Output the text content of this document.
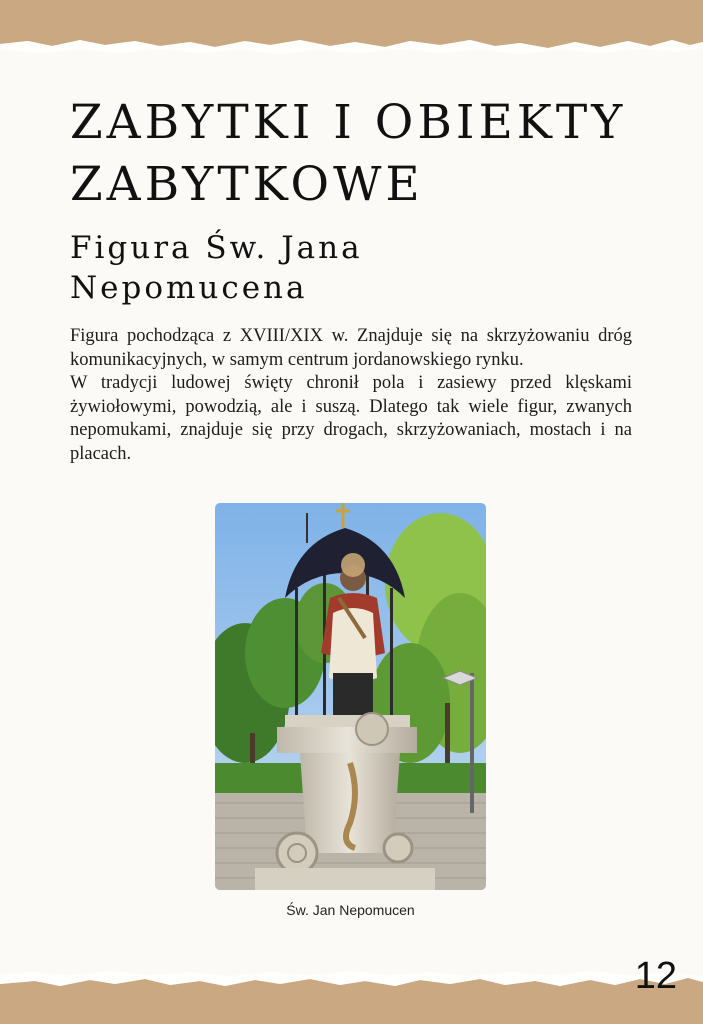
ZABYTKI I OBIEKTY
ZABYTKOWE
Figura Św. Jana
Nepomucena

Figura pochodząca z XVIII/XIX w. Znajduje się na skrzyżowaniu dróg komunikacyjnych, w samym centrum jordanowskiego rynku.

W tradycji ludowej święty chronił pola i zasiewy przed klęskami żywiołowymi, powodzią, ale i suszą. Dlatego tak wiele figur, zwanych nepomukami, znajduje się przy drogach, skrzyżowaniach, mostach i na placach.

Św. Jan Nepomucen
12
